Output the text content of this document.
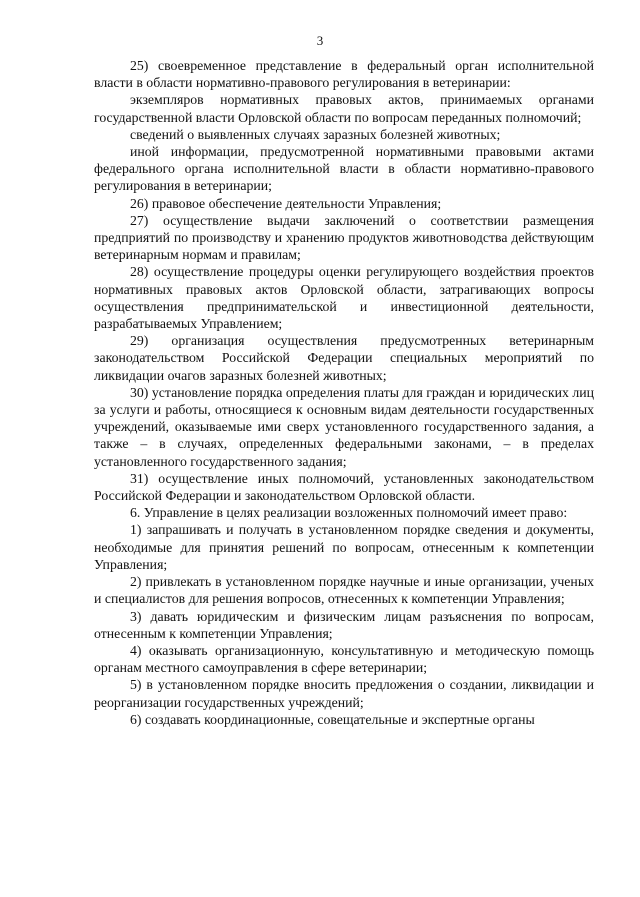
3

25) своевременное представление в федеральный орган исполнительной власти в области нормативно-правового регулирования в ветеринарии:

экземпляров нормативных правовых актов, принимаемых органами государственной власти Орловской области по вопросам переданных полномочий;

сведений о выявленных случаях заразных болезней животных;

иной информации, предусмотренной нормативными правовыми актами федерального органа исполнительной власти в области нормативно-правового регулирования в ветеринарии;

26) правовое обеспечение деятельности Управления;

27) осуществление выдачи заключений о соответствии размещения предприятий по производству и хранению продуктов животноводства действующим ветеринарным нормам и правилам;

28) осуществление процедуры оценки регулирующего воздействия проектов нормативных правовых актов Орловской области, затрагивающих вопросы осуществления предпринимательской и инвестиционной деятельности, разрабатываемых Управлением;

29) организация осуществления предусмотренных ветеринарным законодательством Российской Федерации специальных мероприятий по ликвидации очагов заразных болезней животных;

30) установление порядка определения платы для граждан и юридических лиц за услуги и работы, относящиеся к основным видам деятельности государственных учреждений, оказываемые ими сверх установленного государственного задания, а также – в случаях, определенных федеральными законами, – в пределах установленного государственного задания;

31) осуществление иных полномочий, установленных законодательством Российской Федерации и законодательством Орловской области.

6. Управление в целях реализации возложенных полномочий имеет право:

1) запрашивать и получать в установленном порядке сведения и документы, необходимые для принятия решений по вопросам, отнесенным к компетенции Управления;

2) привлекать в установленном порядке научные и иные организации, ученых и специалистов для решения вопросов, отнесенных к компетенции Управления;

3) давать юридическим и физическим лицам разъяснения по вопросам, отнесенным к компетенции Управления;

4) оказывать организационную, консультативную и методическую помощь органам местного самоуправления в сфере ветеринарии;

5) в установленном порядке вносить предложения о создании, ликвидации и реорганизации государственных учреждений;

6) создавать координационные, совещательные и экспертные органы
